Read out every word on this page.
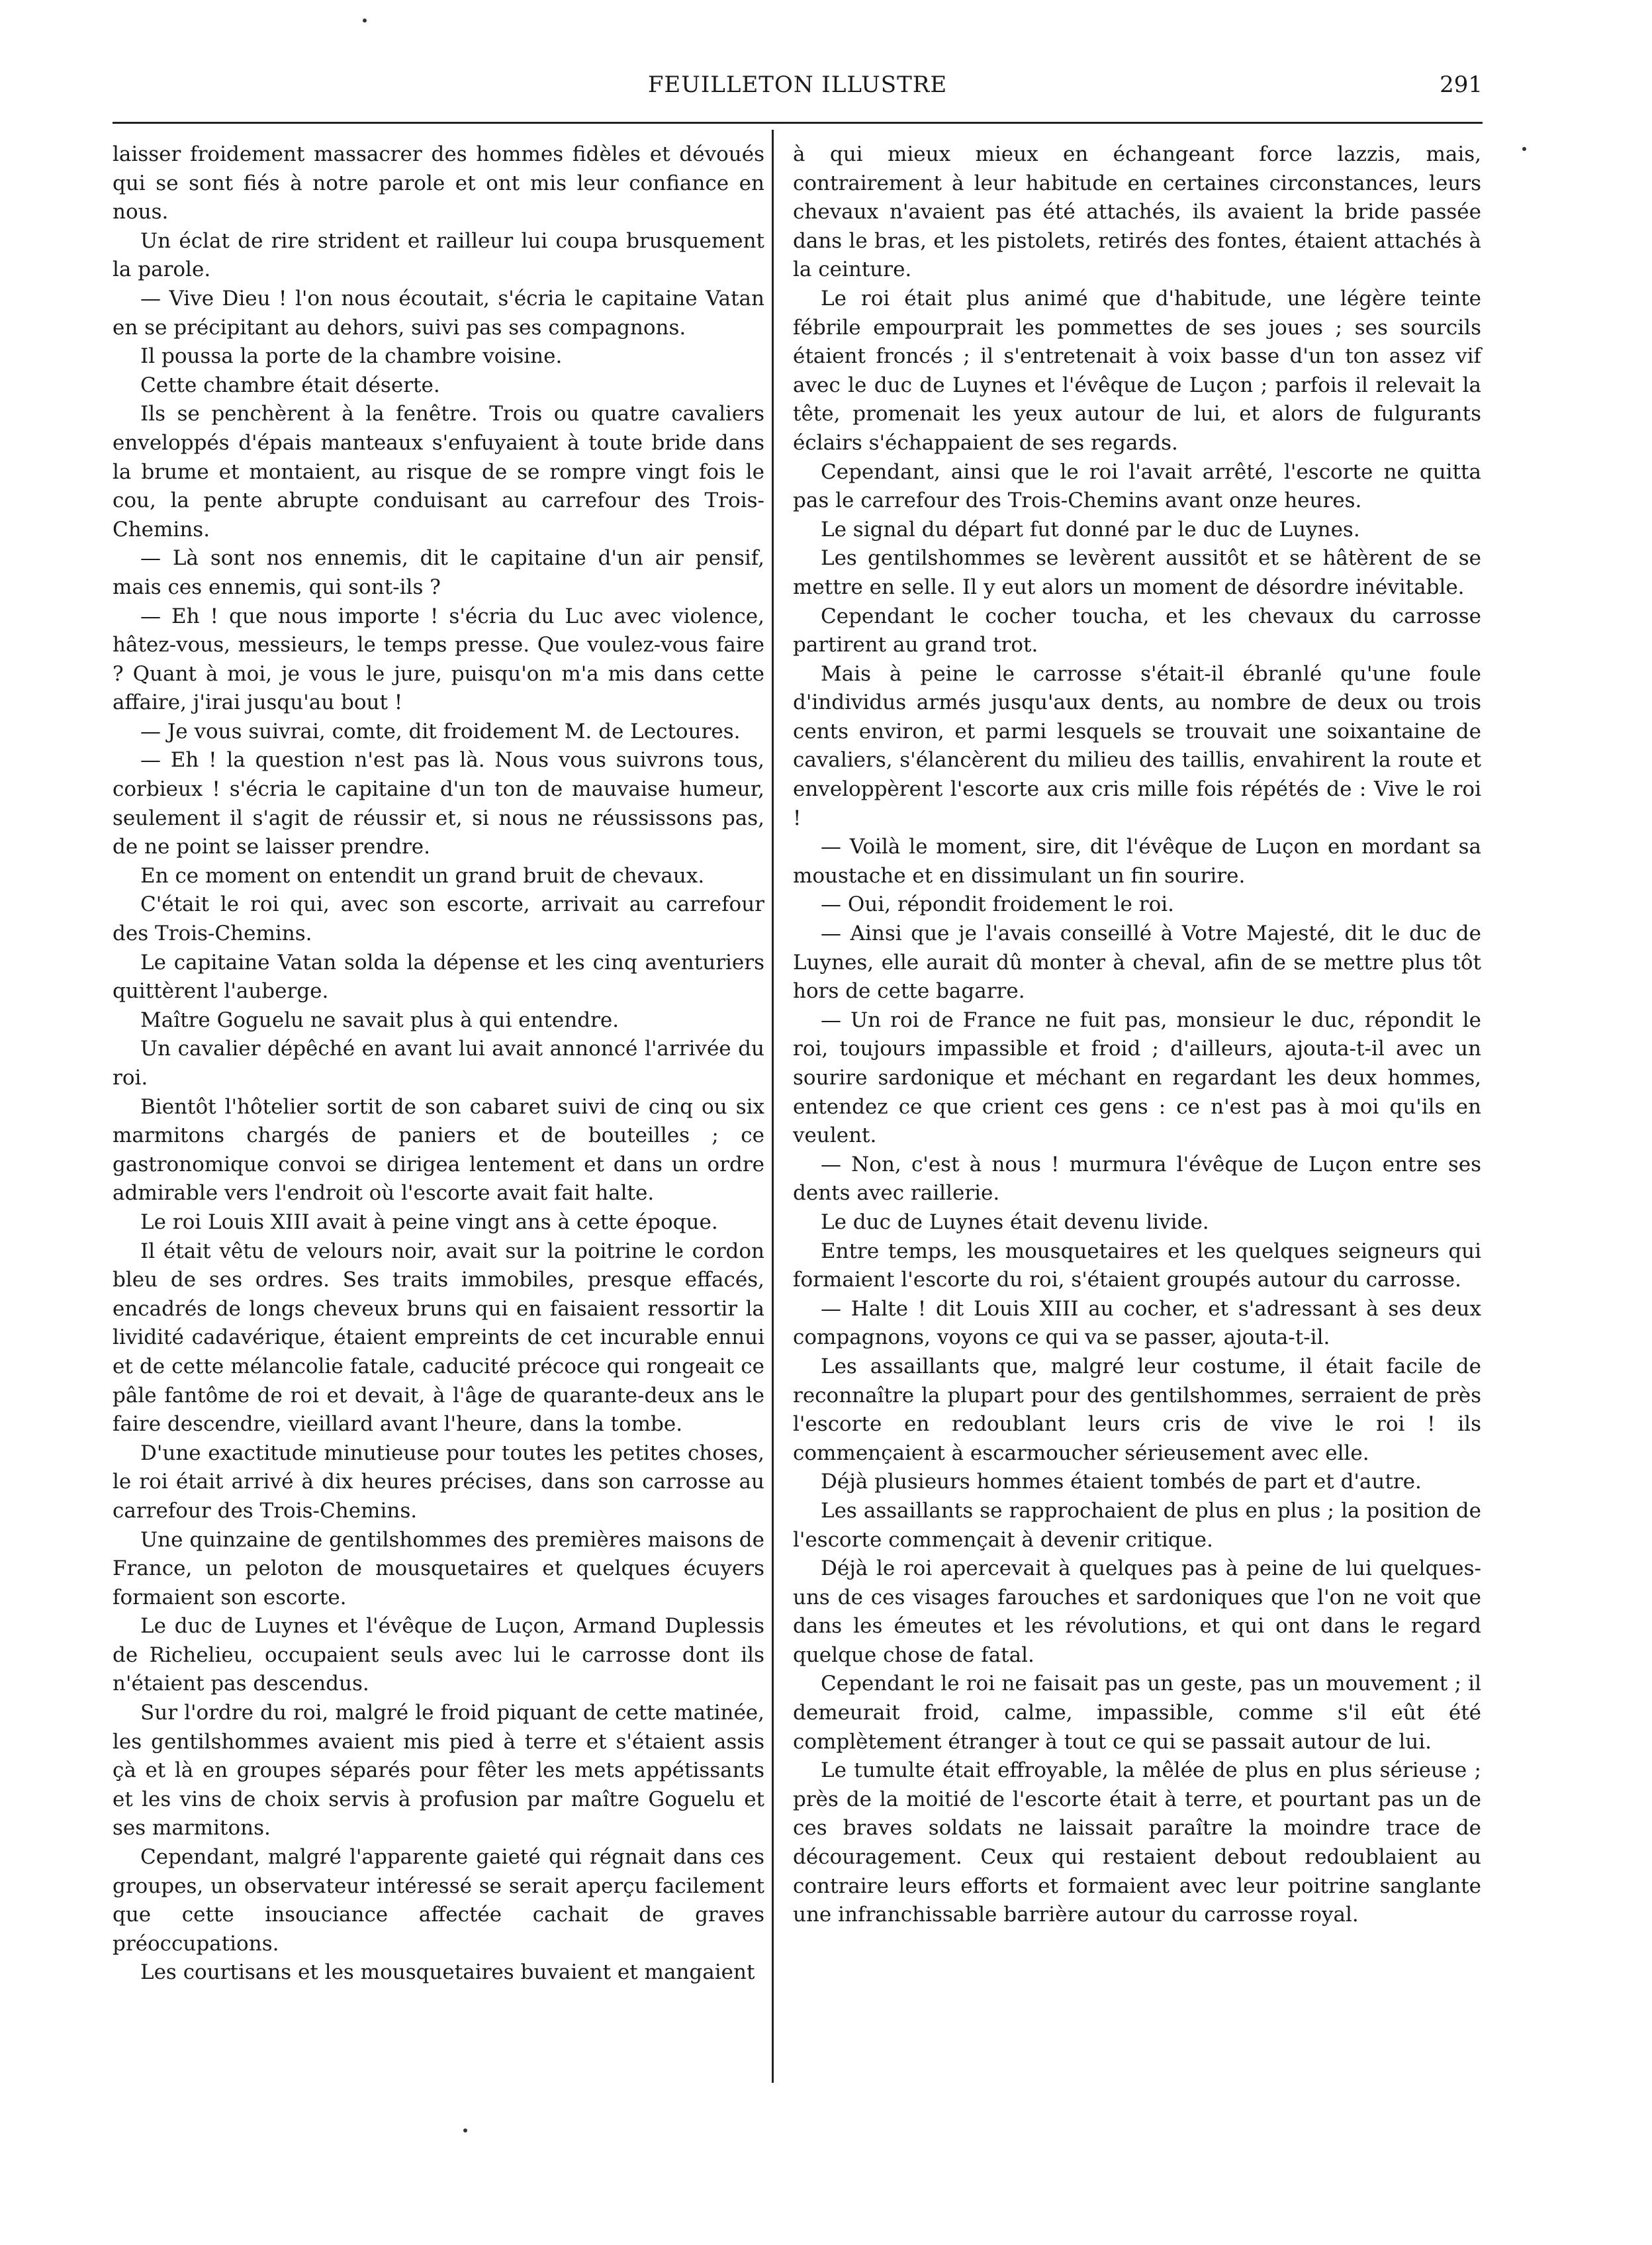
FEUILLETON ILLUSTRE	291

laisser froidement massacrer des hommes fidèles et dévoués qui se sont fiés à notre parole et ont mis leur confiance en nous.

Un éclat de rire strident et railleur lui coupa brusquement la parole.

— Vive Dieu ! l'on nous écoutait, s'écria le capitaine Vatan en se précipitant au dehors, suivi pas ses compagnons.

Il poussa la porte de la chambre voisine.

Cette chambre était déserte.

Ils se penchèrent à la fenêtre. Trois ou quatre cavaliers enveloppés d'épais manteaux s'enfuyaient à toute bride dans la brume et montaient, au risque de se rompre vingt fois le cou, la pente abrupte conduisant au carrefour des Trois-Chemins.

— Là sont nos ennemis, dit le capitaine d'un air pensif, mais ces ennemis, qui sont-ils ?

— Eh ! que nous importe ! s'écria du Luc avec violence, hâtez-vous, messieurs, le temps presse. Que voulez-vous faire ? Quant à moi, je vous le jure, puisqu'on m'a mis dans cette affaire, j'irai jusqu'au bout !

— Je vous suivrai, comte, dit froidement M. de Lectoures.

— Eh ! la question n'est pas là. Nous vous suivrons tous, corbieux ! s'écria le capitaine d'un ton de mauvaise humeur, seulement il s'agit de réussir et, si nous ne réussissons pas, de ne point se laisser prendre.

En ce moment on entendit un grand bruit de chevaux.

C'était le roi qui, avec son escorte, arrivait au carrefour des Trois-Chemins.

Le capitaine Vatan solda la dépense et les cinq aventuriers quittèrent l'auberge.

Maître Goguelu ne savait plus à qui entendre.

Un cavalier dépêché en avant lui avait annoncé l'arrivée du roi.

Bientôt l'hôtelier sortit de son cabaret suivi de cinq ou six marmitons chargés de paniers et de bouteilles ; ce gastronomique convoi se dirigea lentement et dans un ordre admirable vers l'endroit où l'escorte avait fait halte.

Le roi Louis XIII avait à peine vingt ans à cette époque.

Il était vêtu de velours noir, avait sur la poitrine le cordon bleu de ses ordres. Ses traits immobiles, presque effacés, encadrés de longs cheveux bruns qui en faisaient ressortir la lividité cadavérique, étaient empreints de cet incurable ennui et de cette mélancolie fatale, caducité précoce qui rongeait ce pâle fantôme de roi et devait, à l'âge de quarante-deux ans le faire descendre, vieillard avant l'heure, dans la tombe.

D'une exactitude minutieuse pour toutes les petites choses, le roi était arrivé à dix heures précises, dans son carrosse au carrefour des Trois-Chemins.

Une quinzaine de gentilshommes des premières maisons de France, un peloton de mousquetaires et quelques écuyers formaient son escorte.

Le duc de Luynes et l'évêque de Luçon, Armand Duplessis de Richelieu, occupaient seuls avec lui le carrosse dont ils n'étaient pas descendus.

Sur l'ordre du roi, malgré le froid piquant de cette matinée, les gentilshommes avaient mis pied à terre et s'étaient assis çà et là en groupes séparés pour fêter les mets appétissants et les vins de choix servis à profusion par maître Goguelu et ses marmitons.

Cependant, malgré l'apparente gaieté qui régnait dans ces groupes, un observateur intéressé se serait aperçu facilement que cette insouciance affectée cachait de graves préoccupations.

Les courtisans et les mousquetaires buvaient et mangaient

à qui mieux mieux en échangeant force lazzis, mais, contrairement à leur habitude en certaines circonstances, leurs chevaux n'avaient pas été attachés, ils avaient la bride passée dans le bras, et les pistolets, retirés des fontes, étaient attachés à la ceinture.

Le roi était plus animé que d'habitude, une légère teinte fébrile empourprait les pommettes de ses joues ; ses sourcils étaient froncés ; il s'entretenait à voix basse d'un ton assez vif avec le duc de Luynes et l'évêque de Luçon ; parfois il relevait la tête, promenait les yeux autour de lui, et alors de fulgurants éclairs s'échappaient de ses regards.

Cependant, ainsi que le roi l'avait arrêté, l'escorte ne quitta pas le carrefour des Trois-Chemins avant onze heures.

Le signal du départ fut donné par le duc de Luynes.

Les gentilshommes se levèrent aussitôt et se hâtèrent de se mettre en selle. Il y eut alors un moment de désordre inévitable.

Cependant le cocher toucha, et les chevaux du carrosse partirent au grand trot.

Mais à peine le carrosse s'était-il ébranlé qu'une foule d'individus armés jusqu'aux dents, au nombre de deux ou trois cents environ, et parmi lesquels se trouvait une soixantaine de cavaliers, s'élancèrent du milieu des taillis, envahirent la route et enveloppèrent l'escorte aux cris mille fois répétés de : Vive le roi !

— Voilà le moment, sire, dit l'évêque de Luçon en mordant sa moustache et en dissimulant un fin sourire.

— Oui, répondit froidement le roi.

— Ainsi que je l'avais conseillé à Votre Majesté, dit le duc de Luynes, elle aurait dû monter à cheval, afin de se mettre plus tôt hors de cette bagarre.

— Un roi de France ne fuit pas, monsieur le duc, répondit le roi, toujours impassible et froid ; d'ailleurs, ajouta-t-il avec un sourire sardonique et méchant en regardant les deux hommes, entendez ce que crient ces gens : ce n'est pas à moi qu'ils en veulent.

— Non, c'est à nous ! murmura l'évêque de Luçon entre ses dents avec raillerie.

Le duc de Luynes était devenu livide.

Entre temps, les mousquetaires et les quelques seigneurs qui formaient l'escorte du roi, s'étaient groupés autour du carrosse.

— Halte ! dit Louis XIII au cocher, et s'adressant à ses deux compagnons, voyons ce qui va se passer, ajouta-t-il.

Les assaillants que, malgré leur costume, il était facile de reconnaître la plupart pour des gentilshommes, serraient de près l'escorte en redoublant leurs cris de vive le roi ! ils commençaient à escarmoucher sérieusement avec elle.

Déjà plusieurs hommes étaient tombés de part et d'autre.

Les assaillants se rapprochaient de plus en plus ; la position de l'escorte commençait à devenir critique.

Déjà le roi apercevait à quelques pas à peine de lui quelques-uns de ces visages farouches et sardoniques que l'on ne voit que dans les émeutes et les révolutions, et qui ont dans le regard quelque chose de fatal.

Cependant le roi ne faisait pas un geste, pas un mouvement ; il demeurait froid, calme, impassible, comme s'il eût été complètement étranger à tout ce qui se passait autour de lui.

Le tumulte était effroyable, la mêlée de plus en plus sérieuse ; près de la moitié de l'escorte était à terre, et pourtant pas un de ces braves soldats ne laissait paraître la moindre trace de découragement. Ceux qui restaient debout redoublaient au contraire leurs efforts et formaient avec leur poitrine sanglante une infranchissable barrière autour du carrosse royal.
